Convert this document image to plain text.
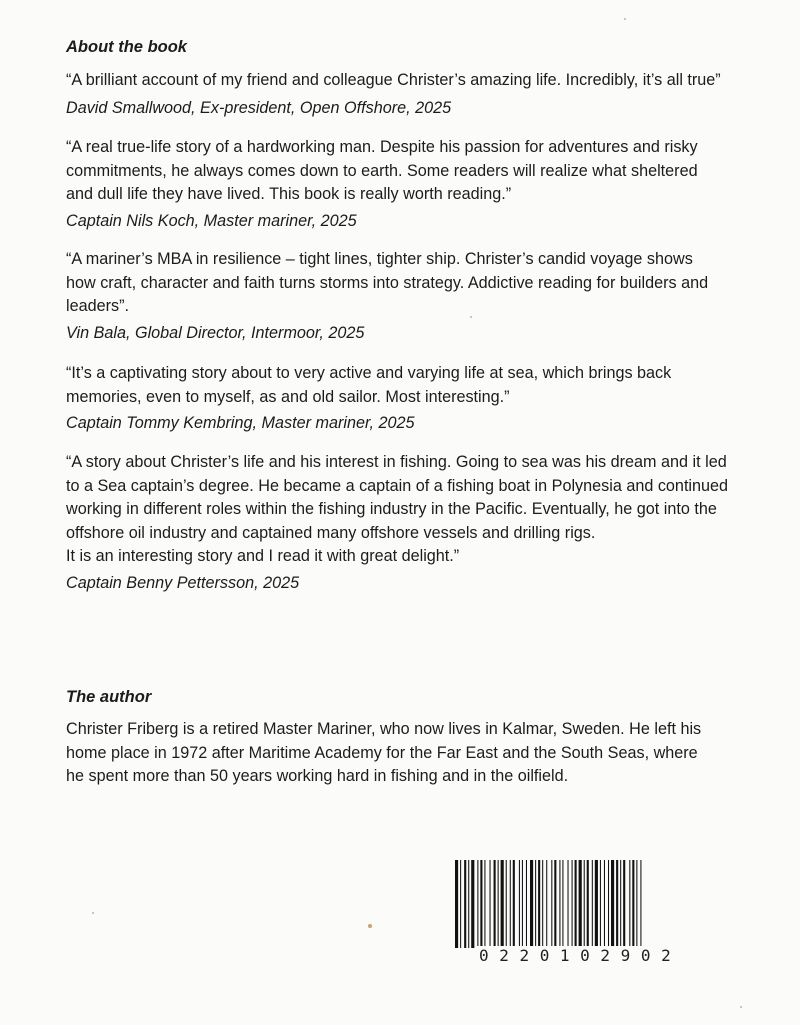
About the book

“A brilliant account of my friend and colleague Christer’s amazing life. Incredibly, it’s all true”

David Smallwood, Ex-president, Open Offshore, 2025

“A real true-life story of a hardworking man. Despite his passion for adventures and risky
commitments, he always comes down to earth. Some readers will realize what sheltered
and dull life they have lived. This book is really worth reading.”

Captain Nils Koch, Master mariner, 2025

“A mariner’s MBA in resilience – tight lines, tighter ship. Christer’s candid voyage shows
how craft, character and faith turns storms into strategy. Addictive reading for builders and
leaders”.

Vin Bala, Global Director, Intermoor, 2025

“It’s a captivating story about to very active and varying life at sea, which brings back
memories, even to myself, as and old sailor. Most interesting.”

Captain Tommy Kembring, Master mariner, 2025

“A story about Christer’s life and his interest in fishing. Going to sea was his dream and it led
to a Sea captain’s degree. He became a captain of a fishing boat in Polynesia and continued
working in different roles within the fishing industry in the Pacific. Eventually, he got into the
offshore oil industry and captained many offshore vessels and drilling rigs.
It is an interesting story and I read it with great delight.”

Captain Benny Pettersson, 2025

The author

Christer Friberg is a retired Master Mariner, who now lives in Kalmar, Sweden. He left his
home place in 1972 after Maritime Academy for the Far East and the South Seas, where
he spent more than 50 years working hard in fishing and in the oilfield.

0220102902
